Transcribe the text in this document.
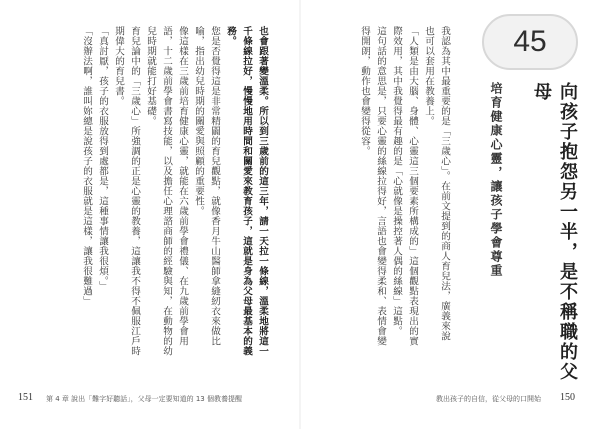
45
向孩子抱怨另一半，是不稱職的父母
培育健康心靈，讓孩子學會尊重
我認為其中最重要的是「三歲心」。在前文提到的商人育兒法，廣義來說也可以套用在教養上。
「人類是由大腦、身體、心靈這三個要素所構成的」這個觀點表現出的實際效用，其中我覺得最有趣的是「心就像是操控著人偶的絲線」這點。
這句話的意思是，只要心靈的絲線拉得好，言語也會變得柔和、表情會變得開朗，動作也會變得從容。
教出孩子的自信，從父母的口開始 150
也會跟著變溫柔。所以到三歲前的這三年，請一天拉一條線，溫柔地將這一千條線拉好，慢慢地用時間和關愛來教育孩子，這就是身為父母最基本的義務。
您是否覺得這是非常精闢的育兒觀點，就像香月牛山醫師拿縫紉衣來做比喻，指出幼兒時期的關愛與照顧的重要性。
像這樣在三歲前培育健康心靈，就能在六歲前學會禮儀、在九歲前學會用語，十二歲前學會書寫技能，以及擔任心理諮商師的經驗與知，在動物的幼兒時期就能打好基礎。
育兒論中的「三歲心」所強調的正是心靈的教養，這讓我不得不佩服江戶時期偉大的育兒書。
「真討厭，孩子的衣服放得到處都是，這種事情讓我很煩。」
「沒辦法啊，誰叫妳總是說孩子的衣服就是這樣，讓我很難過」
151 第 4 章 說出「難字好聽話」，父母一定要知道的 13 個教養提醒
